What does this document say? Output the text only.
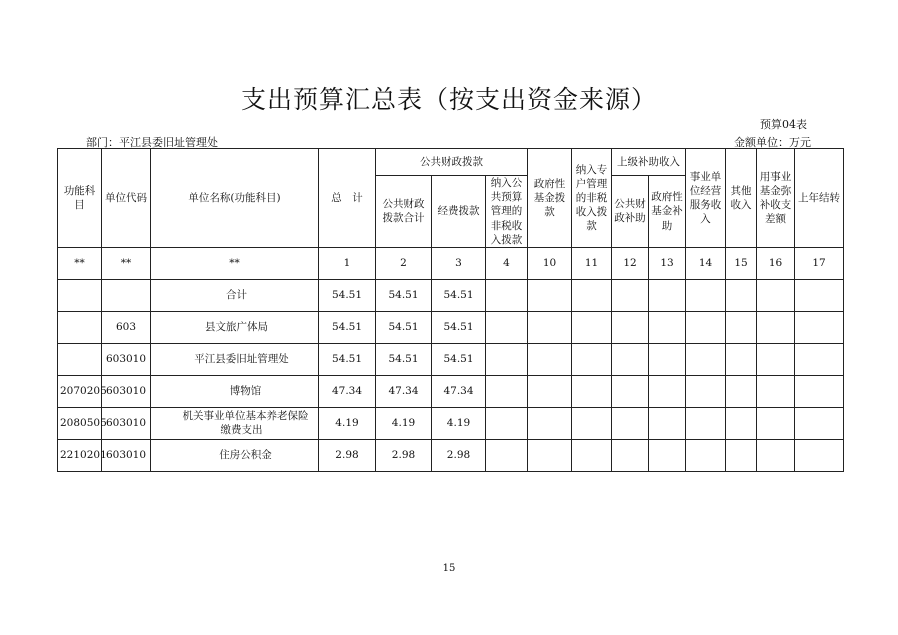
支出预算汇总表（按支出资金来源）
预算04表
部门：平江县委旧址管理处	金额单位：万元
功能科目	单位代码	单位名称(功能科目)	总　计	公共财政拨款			政府性基金拨款	纳入专户管理的非税收入拨款	上级补助收入		事业单位经营服务收入	其他收入	用事业基金弥补收支差额	上年结转
				公共财政拨款合计	经费拨款	纳入公共预算管理的非税收入拨款								
									公共财政补助	政府性基金补助				
**	**	**	1	2	3	4	10	11	12	13	14	15	16	17
		合计	54.51	54.51	54.51									
	603	县文旅广体局	54.51	54.51	54.51									
	603010	平江县委旧址管理处	54.51	54.51	54.51									
2070205	603010	博物馆	47.34	47.34	47.34									
2080505	603010	机关事业单位基本养老保险
缴费支出	4.19	4.19	4.19									
2210201	603010	住房公积金	2.98	2.98	2.98									
15
